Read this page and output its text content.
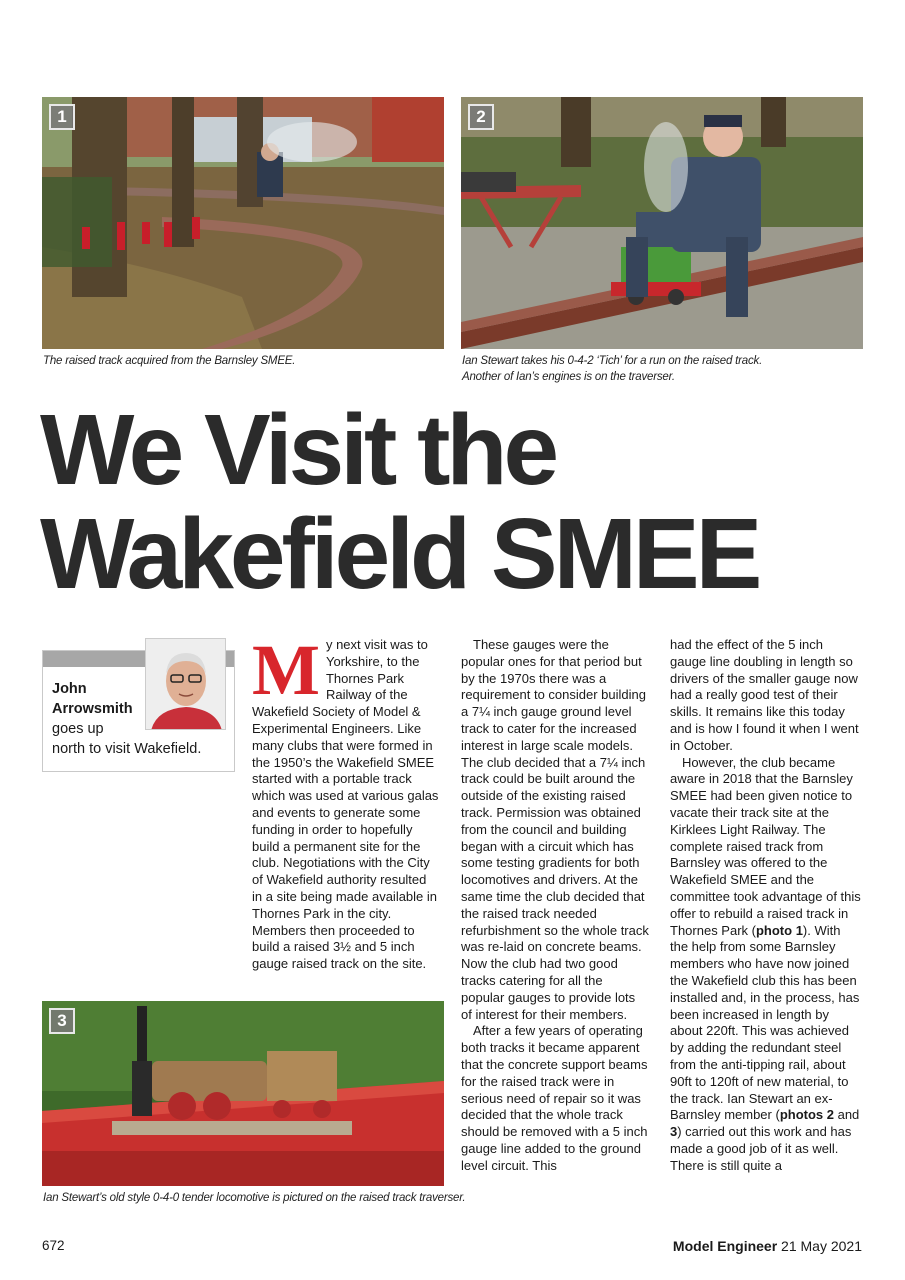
1
The raised track acquired from the Barnsley SMEE.
2
Ian Stewart takes his 0-4-2 ‘Tich’ for a run on the raised track.
Another of Ian’s engines is on the traverser.
We Visit the
Wakefield SMEE
John
Arrowsmith
goes up
north to visit Wakefield.
M y next visit was to Yorkshire, to the Thornes Park Railway of the Wakefield Society of Model & Experimental Engineers. Like many clubs that were formed in the 1950’s the Wakefield SMEE started with a portable track which was used at various galas and events to generate some funding in order to hopefully build a permanent site for the club. Negotiations with the City of Wakefield authority resulted in a site being made available in Thornes Park in the city. Members then proceeded to build a raised 3½ and 5 inch gauge raised track on the site.

3
Ian Stewart’s old style 0-4-0 tender locomotive is pictured on the raised track traverser.

These gauges were the popular ones for that period but by the 1970s there was a requirement to consider building a 7¼ inch gauge ground level track to cater for the increased interest in large scale models. The club decided that a 7¼ inch track could be built around the outside of the existing raised track. Permission was obtained from the council and building began with a circuit which has some testing gradients for both locomotives and drivers. At the same time the club decided that the raised track needed refurbishment so the whole track was re-laid on concrete beams. Now the club had two good tracks catering for all the popular gauges to provide lots of interest for their members.

After a few years of operating both tracks it became apparent that the concrete support beams for the raised track were in serious need of repair so it was decided that the whole track should be removed with a 5 inch gauge line added to the ground level circuit. This

had the effect of the 5 inch gauge line doubling in length so drivers of the smaller gauge now had a really good test of their skills. It remains like this today and is how I found it when I went in October.

However, the club became aware in 2018 that the Barnsley SMEE had been given notice to vacate their track site at the Kirklees Light Railway. The complete raised track from Barnsley was offered to the Wakefield SMEE and the committee took advantage of this offer to rebuild a raised track in Thornes Park (photo 1). With the help from some Barnsley members who have now joined the Wakefield club this has been installed and, in the process, has been increased in length by about 220ft. This was achieved by adding the redundant steel from the anti-tipping rail, about 90ft to 120ft of new material, to the track. Ian Stewart an ex-Barnsley member (photos 2 and 3) carried out this work and has made a good job of it as well. There is still quite a

672	Model Engineer 21 May 2021
